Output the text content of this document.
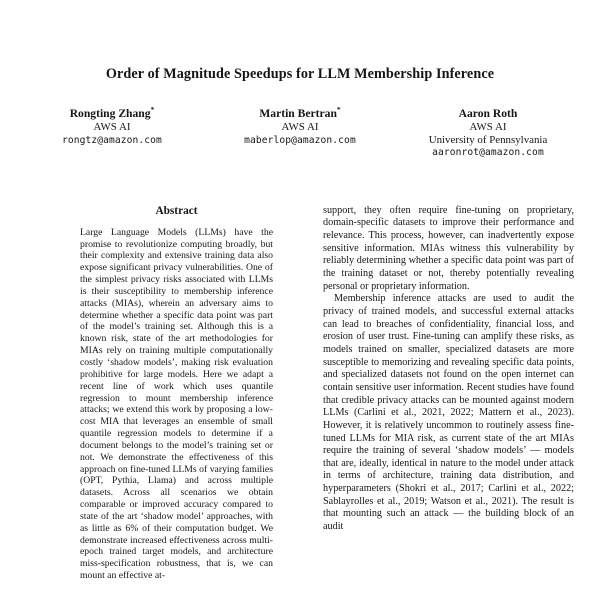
Order of Magnitude Speedups for LLM Membership Inference
Rongting Zhang*
AWS AI
rongtz@amazon.com
Martin Bertran*
AWS AI
maberlop@amazon.com
Aaron Roth
AWS AI
University of Pennsylvania
aaronrot@amazon.com
Abstract
Large Language Models (LLMs) have the promise to revolutionize computing broadly, but their complexity and extensive training data also expose significant privacy vulnerabilities. One of the simplest privacy risks associated with LLMs is their susceptibility to membership inference attacks (MIAs), wherein an adversary aims to determine whether a specific data point was part of the model’s training set. Although this is a known risk, state of the art methodologies for MIAs rely on training multiple computationally costly ‘shadow models’, making risk evaluation prohibitive for large models. Here we adapt a recent line of work which uses quantile regression to mount membership inference attacks; we extend this work by proposing a low-cost MIA that leverages an ensemble of small quantile regression models to determine if a document belongs to the model’s training set or not. We demonstrate the effectiveness of this approach on fine-tuned LLMs of varying families (OPT, Pythia, Llama) and across multiple datasets. Across all scenarios we obtain comparable or improved accuracy compared to state of the art ‘shadow model’ approaches, with as little as 6% of their computation budget. We demonstrate increased effectiveness across multi-epoch trained target models, and architecture miss-specification robustness, that is, we can mount an effective at-

support, they often require fine-tuning on proprietary, domain-specific datasets to improve their performance and relevance. This process, however, can inadvertently expose sensitive information. MIAs witness this vulnerability by reliably determining whether a specific data point was part of the training dataset or not, thereby potentially revealing personal or proprietary information.

Membership inference attacks are used to audit the privacy of trained models, and successful external attacks can lead to breaches of confidentiality, financial loss, and erosion of user trust. Fine-tuning can amplify these risks, as models trained on smaller, specialized datasets are more susceptible to memorizing and revealing specific data points, and specialized datasets not found on the open internet can contain sensitive user information. Recent studies have found that credible privacy attacks can be mounted against modern LLMs (Carlini et al., 2021, 2022; Mattern et al., 2023). However, it is relatively uncommon to routinely assess fine-tuned LLMs for MIA risk, as current state of the art MIAs require the training of several ‘shadow models’ — models that are, ideally, identical in nature to the model under attack in terms of architecture, training data distribution, and hyperparameters (Shokri et al., 2017; Carlini et al., 2022; Sablayrolles et al., 2019; Watson et al., 2021). The result is that mounting such an attack — the building block of an audit
